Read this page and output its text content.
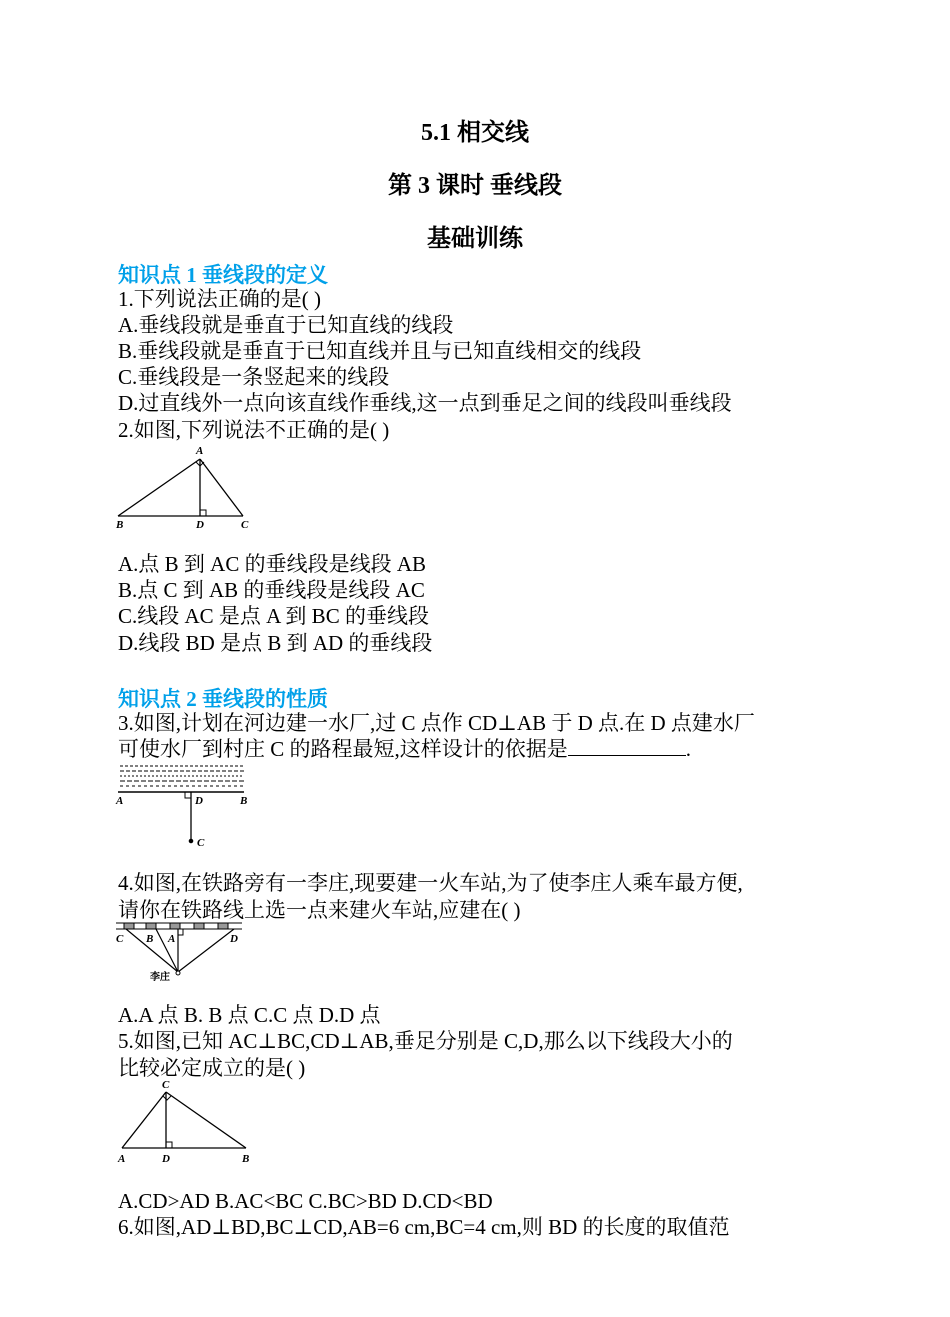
5.1 相交线
第 3 课时 垂线段
基础训练
知识点 1 垂线段的定义
1.下列说法正确的是( )
A.垂线段就是垂直于已知直线的线段
B.垂线段就是垂直于已知直线并且与已知直线相交的线段
C.垂线段是一条竖起来的线段
D.过直线外一点向该直线作垂线,这一点到垂足之间的线段叫垂线段
2.如图,下列说法不正确的是( )
A
B	D	C
A.点 B 到 AC 的垂线段是线段 AB
B.点 C 到 AB 的垂线段是线段 AC
C.线段 AC 是点 A 到 BC 的垂线段
D.线段 BD 是点 B 到 AD 的垂线段
知识点 2 垂线段的性质
3.如图,计划在河边建一水厂,过 C 点作 CD⊥AB 于 D 点.在 D 点建水厂
可使水厂到村庄 C 的路程最短,这样设计的依据是	.
A	D	B
C
4.如图,在铁路旁有一李庄,现要建一火车站,为了使李庄人乘车最方便,
请你在铁路线上选一点来建火车站,应建在( )
C B A	D
李庄
A.A 点 B. B 点 C.C 点 D.D 点
5.如图,已知 AC⊥BC,CD⊥AB,垂足分别是 C,D,那么以下线段大小的
比较必定成立的是( )
C
A	D	B
A.CD>AD B.AC<BC C.BC>BD D.CD<BD
6.如图,AD⊥BD,BC⊥CD,AB=6 cm,BC=4 cm,则 BD 的长度的取值范
